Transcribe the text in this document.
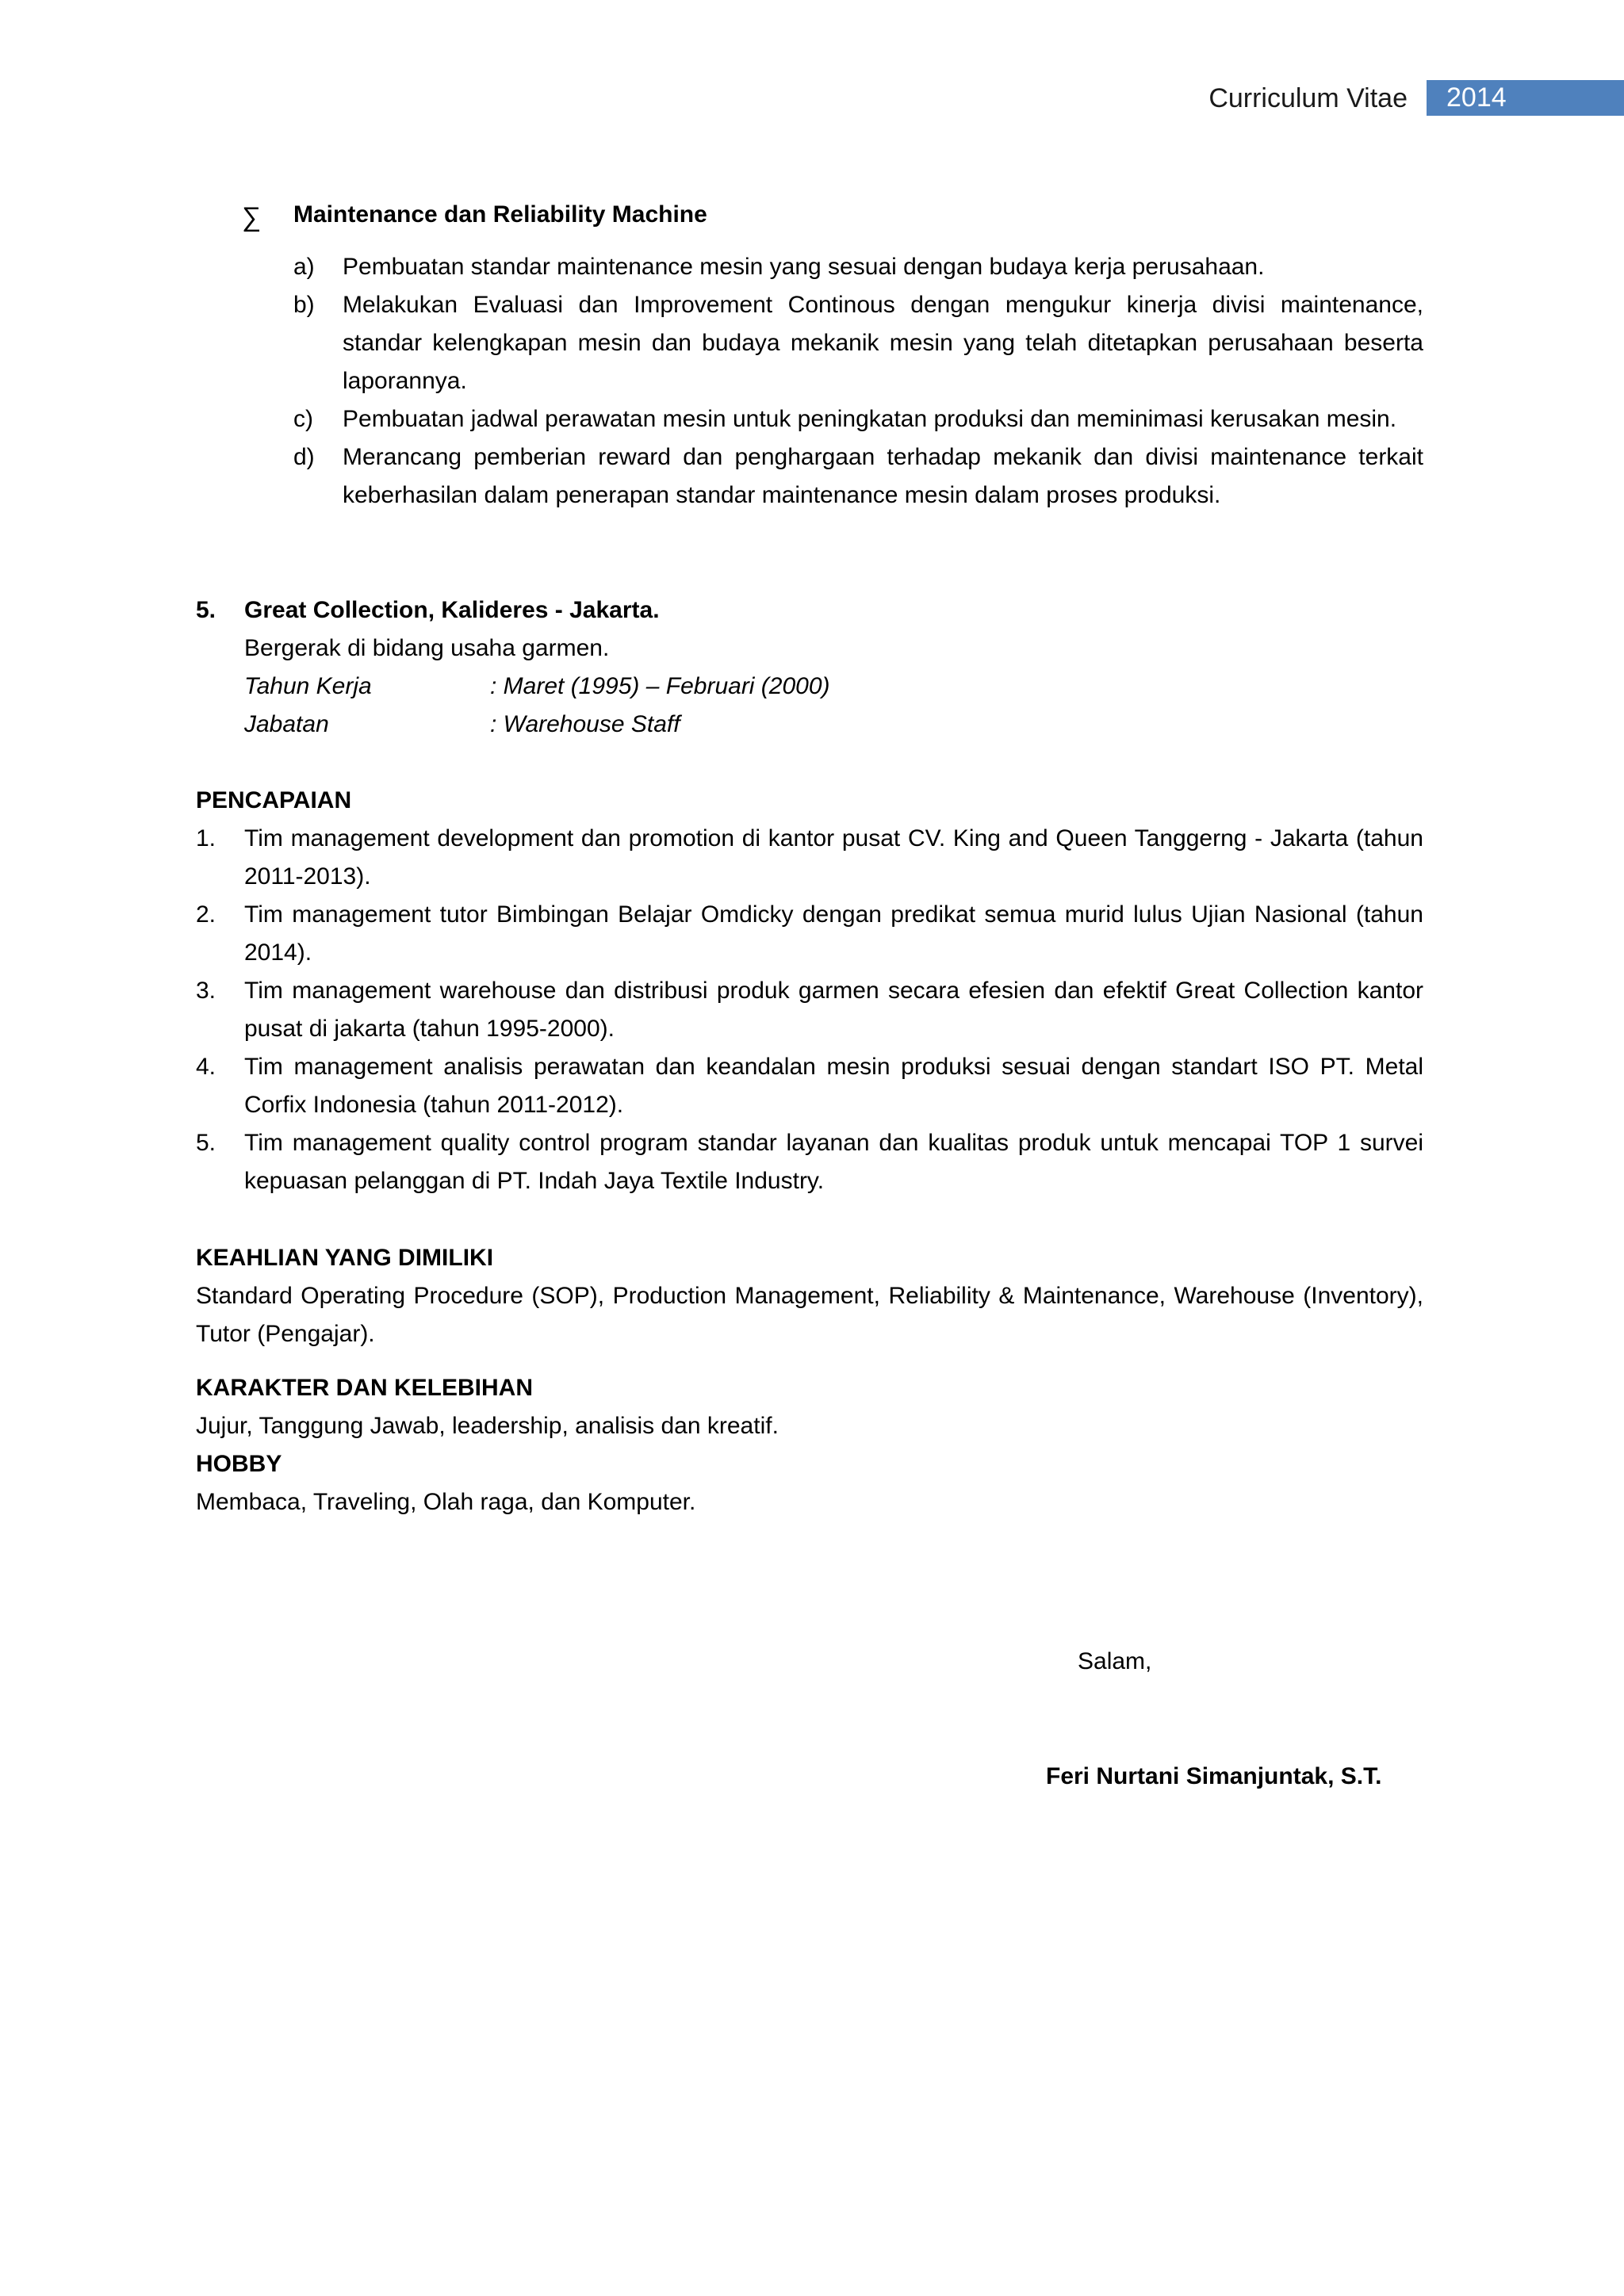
Curriculum Vitae	2014
∑ Maintenance dan Reliability Machine
a) Pembuatan standar maintenance mesin yang sesuai dengan budaya kerja perusahaan.
b) Melakukan Evaluasi dan Improvement Continous dengan mengukur kinerja divisi maintenance, standar kelengkapan mesin dan budaya mekanik mesin yang telah ditetapkan perusahaan beserta laporannya.
c) Pembuatan jadwal perawatan mesin untuk peningkatan produksi dan meminimasi kerusakan mesin.
d) Merancang pemberian reward dan penghargaan terhadap mekanik dan divisi maintenance terkait keberhasilan dalam penerapan standar maintenance mesin dalam proses produksi.
5. Great Collection, Kalideres - Jakarta.
Bergerak di bidang usaha garmen.
Tahun Kerja	: Maret (1995) – Februari (2000)
Jabatan	: Warehouse Staff
PENCAPAIAN
1. Tim management development dan promotion di kantor pusat CV. King and Queen Tanggerng - Jakarta (tahun 2011-2013).
2. Tim management tutor Bimbingan Belajar Omdicky dengan predikat semua murid lulus Ujian Nasional (tahun 2014).
3. Tim management warehouse dan distribusi produk garmen secara efesien dan efektif Great Collection kantor pusat di jakarta (tahun 1995-2000).
4. Tim management analisis perawatan dan keandalan mesin produksi sesuai dengan standart ISO PT. Metal Corfix Indonesia (tahun 2011-2012).
5. Tim management quality control program standar layanan dan kualitas produk untuk mencapai TOP 1 survei kepuasan pelanggan di PT. Indah Jaya Textile Industry.
KEAHLIAN YANG DIMILIKI
Standard Operating Procedure (SOP), Production Management, Reliability & Maintenance, Warehouse (Inventory), Tutor (Pengajar).
KARAKTER DAN KELEBIHAN
Jujur, Tanggung Jawab, leadership, analisis dan kreatif.
HOBBY
Membaca, Traveling, Olah raga, dan Komputer.
Salam,
Feri Nurtani Simanjuntak, S.T.
